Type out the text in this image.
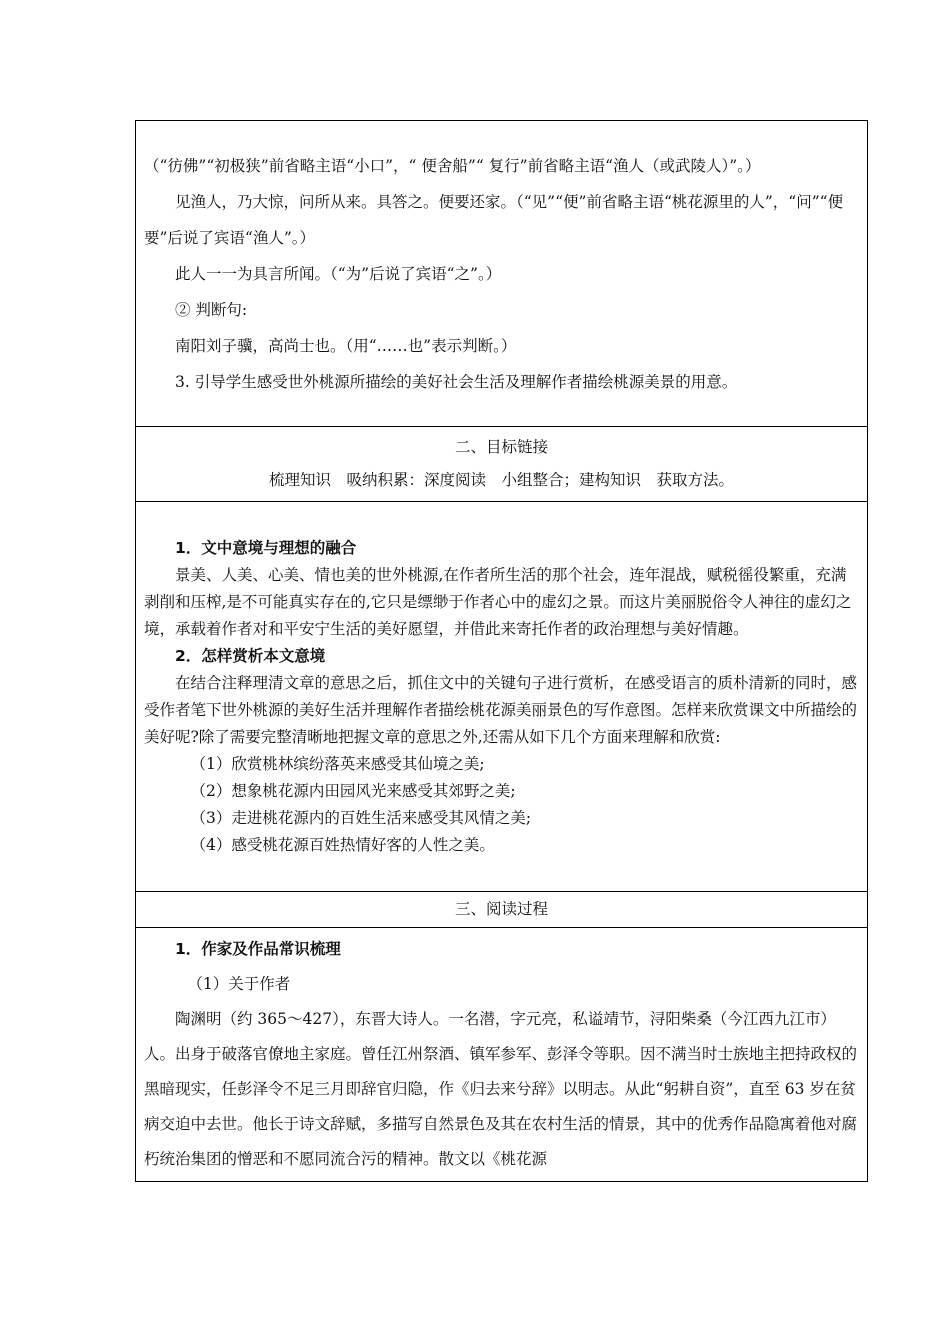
（“彷佛”“初极狭”前省略主语“小口”，“ 便舍船”“ 复行”前省略主语“渔人（或武陵人）”。）

见渔人，乃大惊，问所从来。具答之。便要还家。（“见”“便”前省略主语“桃花源里的人”，“问”“便要”后说了宾语“渔人”。）

此人一一为具言所闻。（“为”后说了宾语“之”。）

② 判断句:

南阳刘子骥，高尚士也。（用“……也”表示判断。）

3. 引导学生感受世外桃源所描绘的美好社会生活及理解作者描绘桃源美景的用意。

二、目标链接

梳理知识　吸纳积累：深度阅读　小组整合；建构知识　获取方法。

1．文中意境与理想的融合

景美、人美、心美、情也美的世外桃源,在作者所生活的那个社会，连年混战，赋税徭役繁重，充满剥削和压榨,是不可能真实存在的,它只是缥缈于作者心中的虚幻之景。而这片美丽脱俗令人神往的虚幻之境，承载着作者对和平安宁生活的美好愿望，并借此来寄托作者的政治理想与美好情趣。

2．怎样赏析本文意境

在结合注释理清文章的意思之后，抓住文中的关键句子进行赏析，在感受语言的质朴清新的同时，感受作者笔下世外桃源的美好生活并理解作者描绘桃花源美丽景色的写作意图。怎样来欣赏课文中所描绘的美好呢?除了需要完整清晰地把握文章的意思之外,还需从如下几个方面来理解和欣赏:

（1）欣赏桃林缤纷落英来感受其仙境之美;

（2）想象桃花源内田园风光来感受其郊野之美;

（3）走进桃花源内的百姓生活来感受其风情之美;

（4）感受桃花源百姓热情好客的人性之美。

三、阅读过程

1．作家及作品常识梳理

（1）关于作者

陶渊明（约 365～427），东晋大诗人。一名潜，字元亮，私谥靖节，浔阳柴桑（今江西九江市）人。出身于破落官僚地主家庭。曾任江州祭酒、镇军参军、彭泽令等职。因不满当时士族地主把持政权的黑暗现实，任彭泽令不足三月即辞官归隐，作《归去来兮辞》以明志。从此“躬耕自资”，直至 63 岁在贫病交迫中去世。他长于诗文辞赋，多描写自然景色及其在农村生活的情景，其中的优秀作品隐寓着他对腐朽统治集团的憎恶和不愿同流合污的精神。散文以《桃花源
